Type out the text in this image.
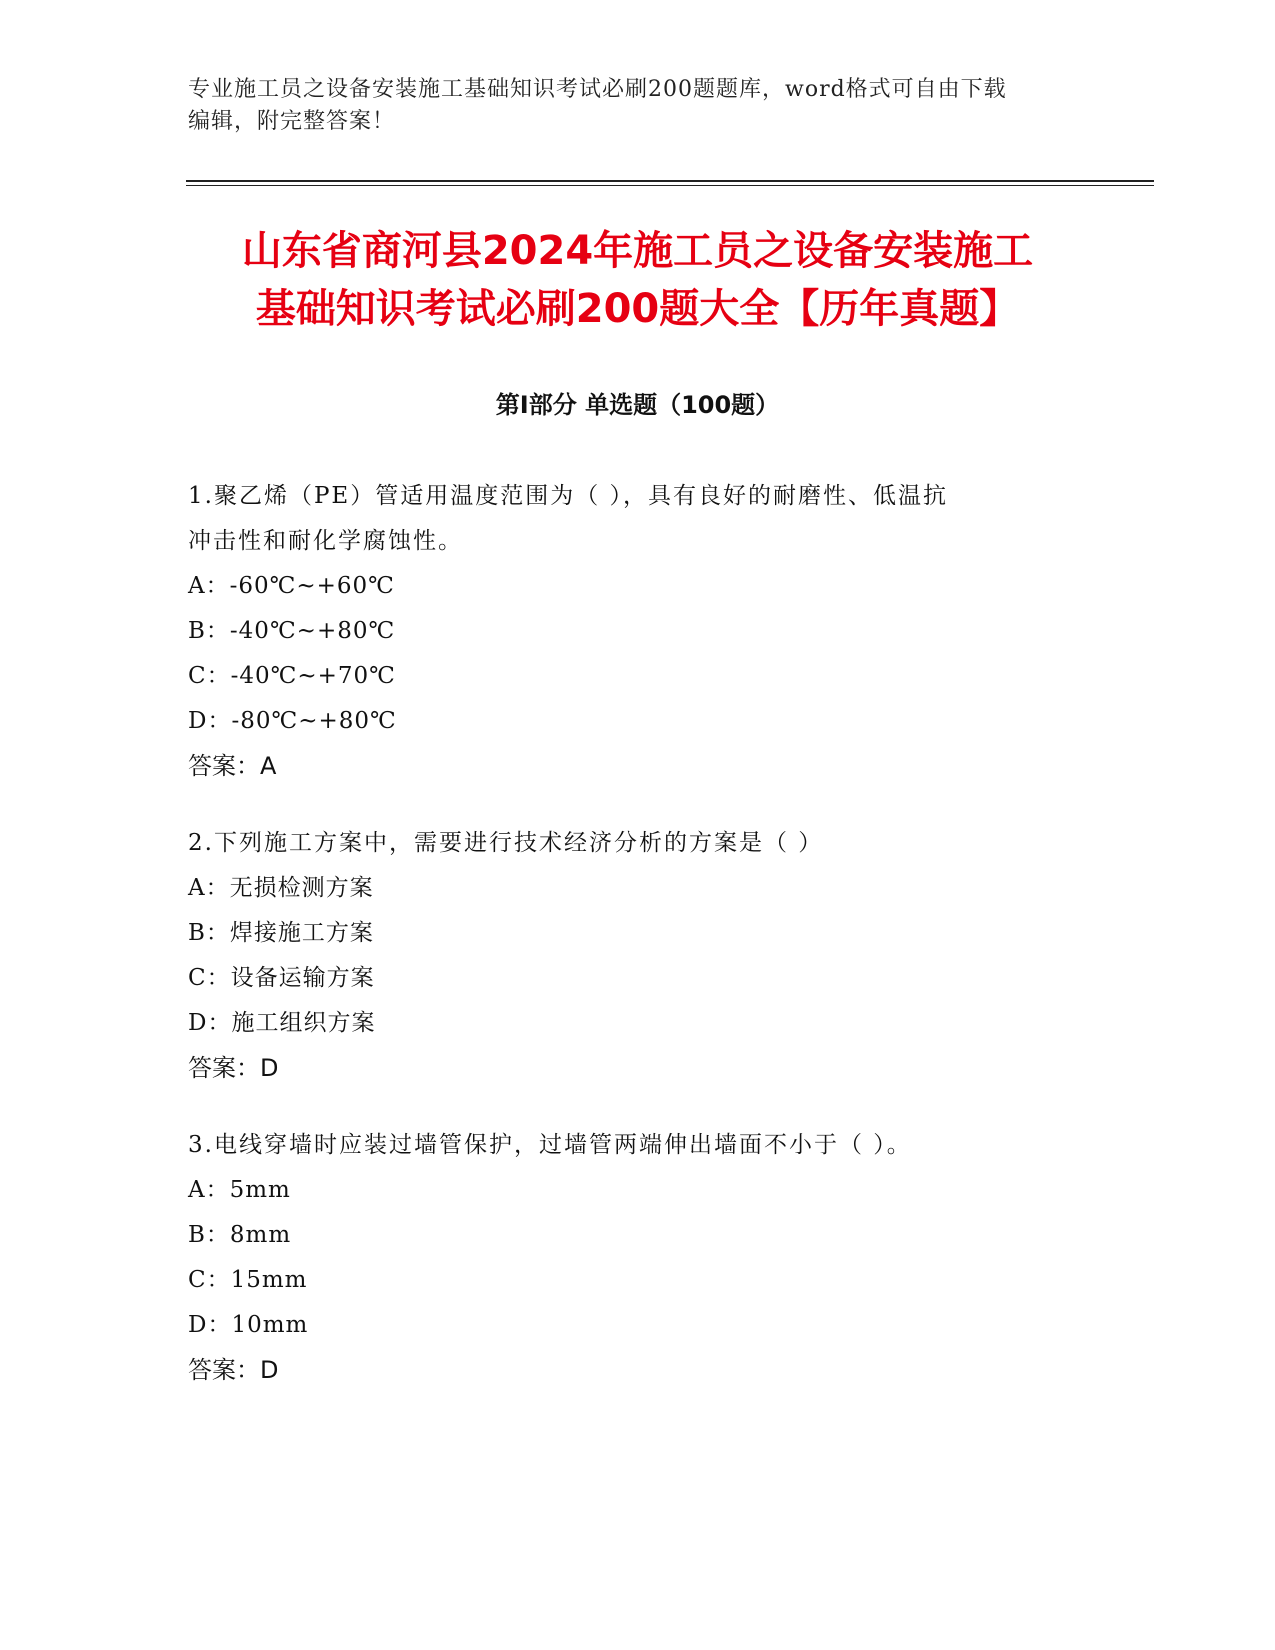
专业施工员之设备安装施工基础知识考试必刷200题题库，word格式可自由下载
编辑，附完整答案！
山东省商河县2024年施工员之设备安装施工
基础知识考试必刷200题大全【历年真题】
第Ⅰ部分 单选题（100题）
1.聚乙烯（PE）管适用温度范围为（ ），具有良好的耐磨性、低温抗
冲击性和耐化学腐蚀性。
A：-60℃~+60℃
B：-40℃~+80℃
C：-40℃~+70℃
D：-80℃~+80℃
答案：A
2.下列施工方案中，需要进行技术经济分析的方案是（ ）
A：无损检测方案
B：焊接施工方案
C：设备运输方案
D：施工组织方案
答案：D
3.电线穿墙时应装过墙管保护，过墙管两端伸出墙面不小于（ ）。
A：5mm
B：8mm
C：15mm
D：10mm
答案：D
